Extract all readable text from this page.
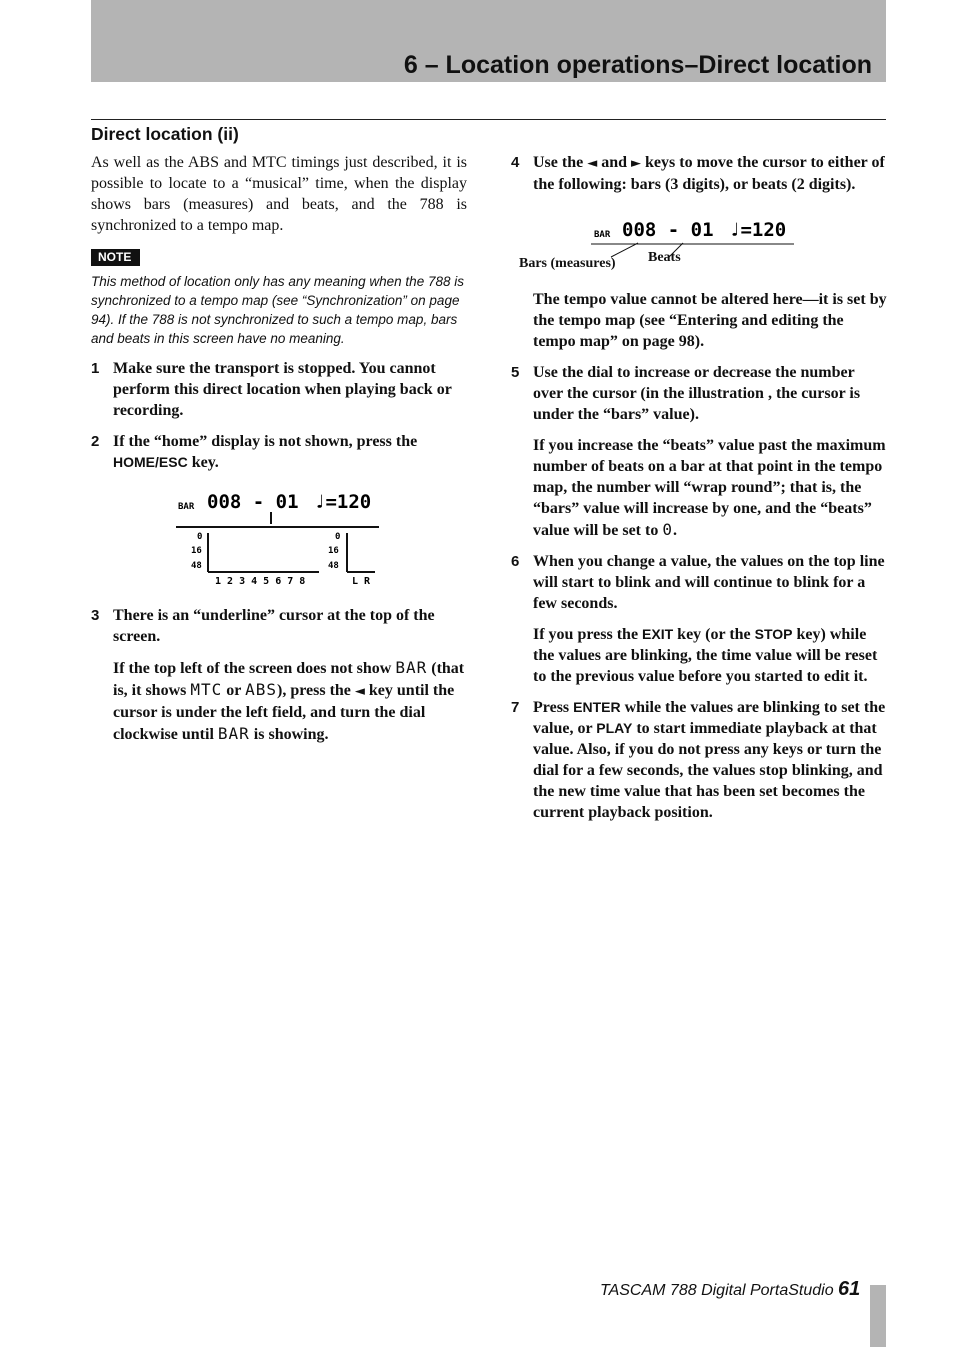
6 – Location operations–Direct location
Direct location (ii)

As well as the ABS and MTC timings just described, it is possible to locate to a “musical” time, when the display shows bars (measures) and beats, and the 788 is synchronized to a tempo map.

NOTE

This method of location only has any meaning when the 788 is synchronized to a tempo map (see “Synchronization” on page 94). If the 788 is not synchronized to such a tempo map, bars and beats in this screen have no meaning.

1 Make sure the transport is stopped. You cannot perform this direct location when playing back or recording.
2 If the “home” display is not shown, press the HOME/ESC key.
BAR 008 - 01 ♩=120
0
16
48
0
16
48
1 2 3 4 5 6 7 8	L R
3 There is an “underline” cursor at the top of the screen.

If the top left of the screen does not show BAR (that is, it shows MTC or ABS), press the ◄ key until the cursor is under the left field, and turn the dial clockwise until BAR is showing.

4 Use the ◄ and ► keys to move the cursor to either of the following: bars (3 digits), or beats (2 digits).
BAR 008 - 01 ♩=120
Bars (measures) Beats

The tempo value cannot be altered here—it is set by the tempo map (see “Entering and editing the tempo map” on page 98).

5 Use the dial to increase or decrease the number over the cursor (in the illustration , the cursor is under the “bars” value).

If you increase the “beats” value past the maximum number of beats on a bar at that point in the tempo map, the number will “wrap round”; that is, the “bars” value will increase by one, and the “beats” value will be set to 0.

6 When you change a value, the values on the top line will start to blink and will continue to blink for a few seconds.

If you press the EXIT key (or the STOP key) while the values are blinking, the time value will be reset to the previous value before you started to edit it.

7 Press ENTER while the values are blinking to set the value, or PLAY to start immediate playback at that value. Also, if you do not press any keys or turn the dial for a few seconds, the values stop blinking, and the new time value that has been set becomes the current playback position.
TASCAM 788 Digital PortaStudio 61
